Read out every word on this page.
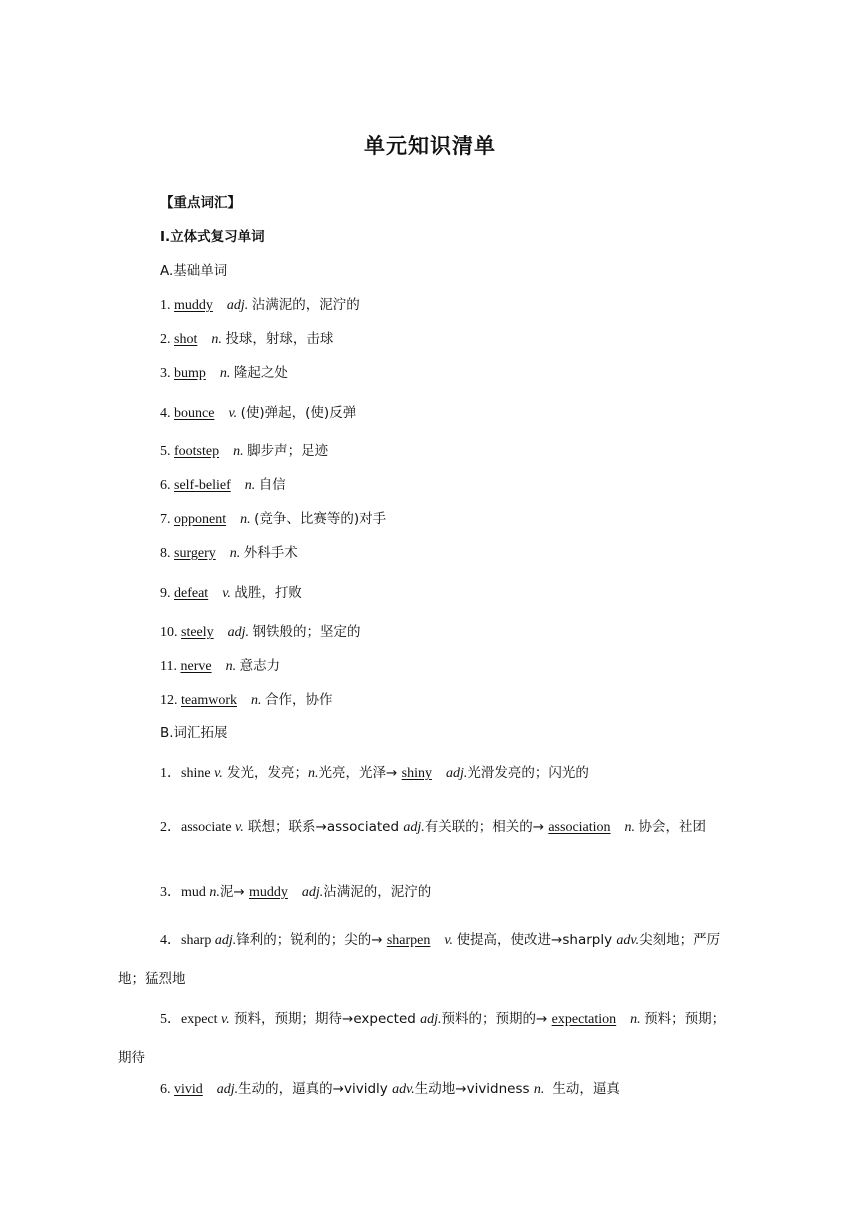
单元知识清单
【重点词汇】
Ⅰ.立体式复习单词
A.基础单词
1. muddy adj. 沾满泥的，泥泞的
2. shot n. 投球，射球，击球
3. bump n. 隆起之处
4. bounce v. (使)弹起，(使)反弹
5. footstep n. 脚步声；足迹
6. self-belief n. 自信
7. opponent n. (竞争、比赛等的)对手
8. surgery n. 外科手术
9. defeat v. 战胜，打败
10. steely adj. 钢铁般的；坚定的
11. nerve n. 意志力
12. teamwork n. 合作，协作
B.词汇拓展
1．shine v. 发光，发亮；n.光亮，光泽→ shiny adj.光滑发亮的；闪光的
2．associate v. 联想；联系→associated adj.有关联的；相关的→ association n. 协会，社团
3．mud n.泥→ muddy adj.沾满泥的，泥泞的
4．sharp adj.锋利的；锐利的；尖的→ sharpen v. 使提高，使改进→sharply adv.尖刻地；严厉地；猛烈地
5．expect v. 预料，预期；期待→expected adj.预料的；预期的→ expectation n. 预料；预期；期待
6. vivid adj.生动的，逼真的→vividly adv.生动地→vividness n. 生动，逼真
